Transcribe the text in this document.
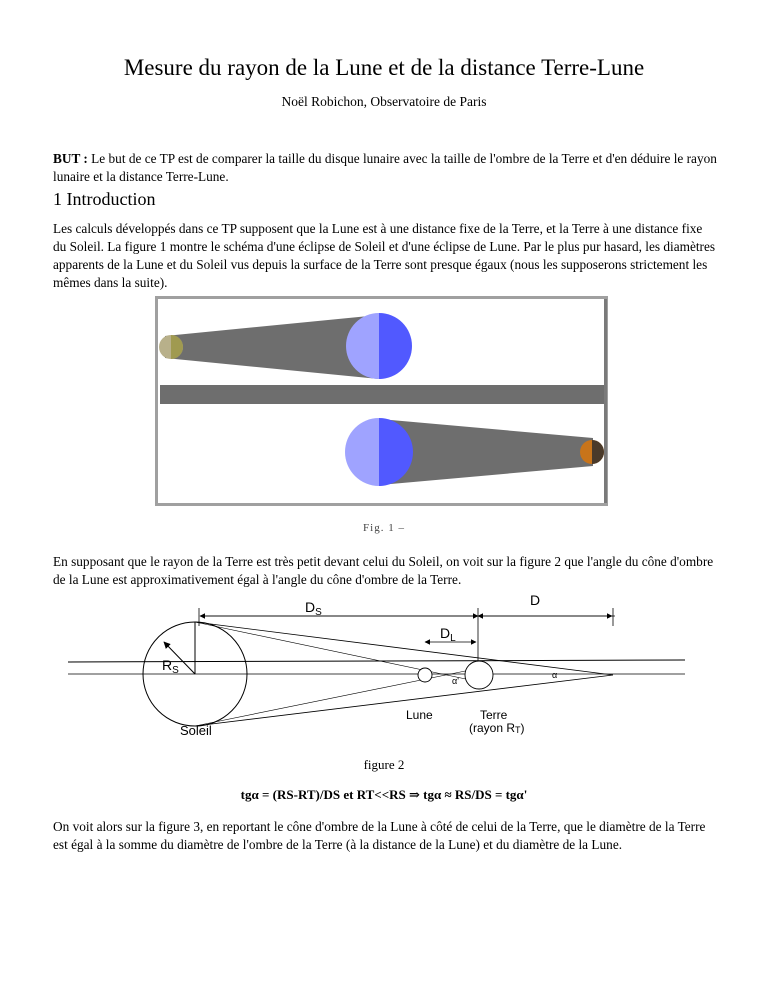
Mesure du rayon de la Lune et de la distance Terre-Lune
Noël Robichon, Observatoire de Paris
BUT : Le but de ce TP est de comparer la taille du disque lunaire avec la taille de l'ombre de la Terre et d'en déduire le rayon lunaire et la distance Terre-Lune.
1 Introduction
Les calculs développés dans ce TP supposent que la Lune est à une distance fixe de la Terre, et la Terre à une distance fixe du Soleil. La figure 1 montre le schéma d'une éclipse de Soleil et d'une éclipse de Lune. Par le plus pur hasard, les diamètres apparents de la Lune et du Soleil vus depuis la surface de la Terre sont presque égaux (nous les supposerons strictement les mêmes dans la suite).
Fig. 1 –
En supposant que le rayon de la Terre est très petit devant celui du Soleil, on voit sur la figure 2 que l'angle du cône d'ombre de la Lune est approximativement égal à l'angle du cône d'ombre de la Terre.
$D_S$
D
$D_L$
$R_S$
α'
α
Lune	Terre
(rayon RT)
Soleil
figure 2
tgα = (RS-RT)/DS et RT<<RS ⇒ tgα ≈ RS/DS = tgα'
On voit alors sur la figure 3, en reportant le cône d'ombre de la Lune à côté de celui de la Terre, que le diamètre de la Terre est égal à la somme du diamètre de l'ombre de la Terre (à la distance de la Lune) et du diamètre de la Lune.
